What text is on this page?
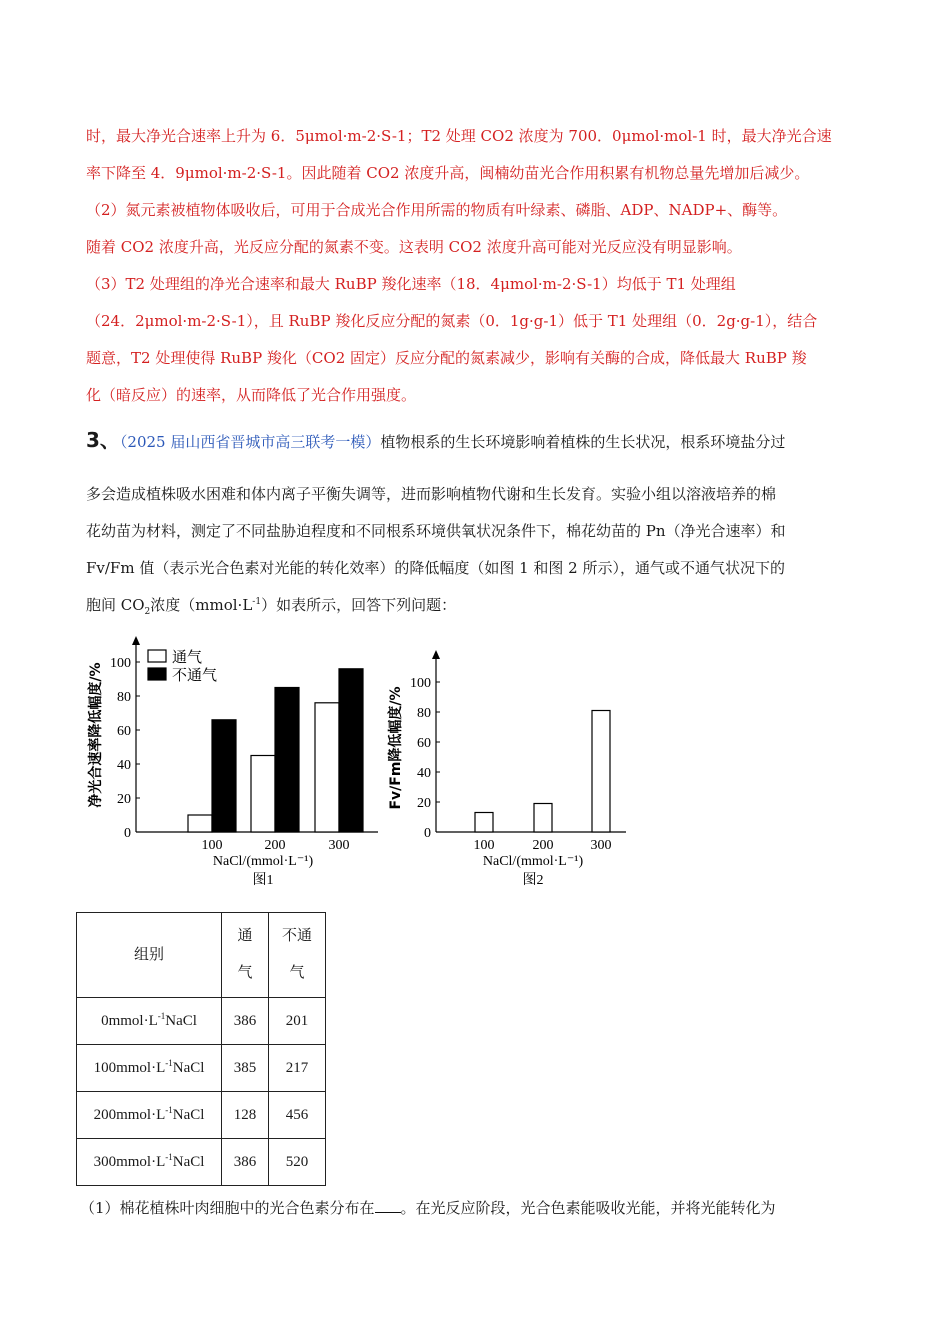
时，最大净光合速率上升为 6．5μmol·m-2·S-1；T2 处理 CO2 浓度为 700．0μmol·mol-1 时，最大净光合速

率下降至 4．9μmol·m-2·S-1。因此随着 CO2 浓度升高，闽楠幼苗光合作用积累有机物总量先增加后减少。

（2）氮元素被植物体吸收后，可用于合成光合作用所需的物质有叶绿素、磷脂、ADP、NADP+、酶等。

随着 CO2 浓度升高，光反应分配的氮素不变。这表明 CO2 浓度升高可能对光反应没有明显影响。

（3）T2 处理组的净光合速率和最大 RuBP 羧化速率（18．4μmol·m-2·S-1）均低于 T1 处理组

（24．2μmol·m-2·S-1），且 RuBP 羧化反应分配的氮素（0．1g·g-1）低于 T1 处理组（0．2g·g-1），结合

题意，T2 处理使得 RuBP 羧化（CO2 固定）反应分配的氮素减少，影响有关酶的合成，降低最大 RuBP 羧

化（暗反应）的速率，从而降低了光合作用强度。

3、（2025 届山西省晋城市高三联考一模）植物根系的生长环境影响着植株的生长状况，根系环境盐分过

多会造成植株吸水困难和体内离子平衡失调等，进而影响植物代谢和生长发育。实验小组以溶液培养的棉

花幼苗为材料，测定了不同盐胁迫程度和不同根系环境供氧状况条件下，棉花幼苗的 Pn（净光合速率）和

Fv/Fm 值（表示光合色素对光能的转化效率）的降低幅度（如图 1 和图 2 所示），通气或不通气状况下的

胞间 $CO_2$浓度$(mmol\cdot L^{-1})$如表所示，回答下列问题：

0
20
40
60
80
100
100	200	300
NaCl/(mmol·L⁻¹)
图1
净光合速率降低幅度/%
通气
不通气
0
20
40
60
80
100
100	200	300
NaCl/(mmol·L⁻¹)
图2
Fv/Fm降低幅度/%
组别	通
气	不通
气
$0mmol\cdot L^{-1}NaCl$	386	201
$100mmol\cdot L^{-1}NaCl$	385	217
$200mmol\cdot L^{-1}NaCl$	128	456
$300mmol\cdot L^{-1}NaCl$	386	520

（1）棉花植株叶肉细胞中的光合色素分布在 。在光反应阶段，光合色素能吸收光能，并将光能转化为
